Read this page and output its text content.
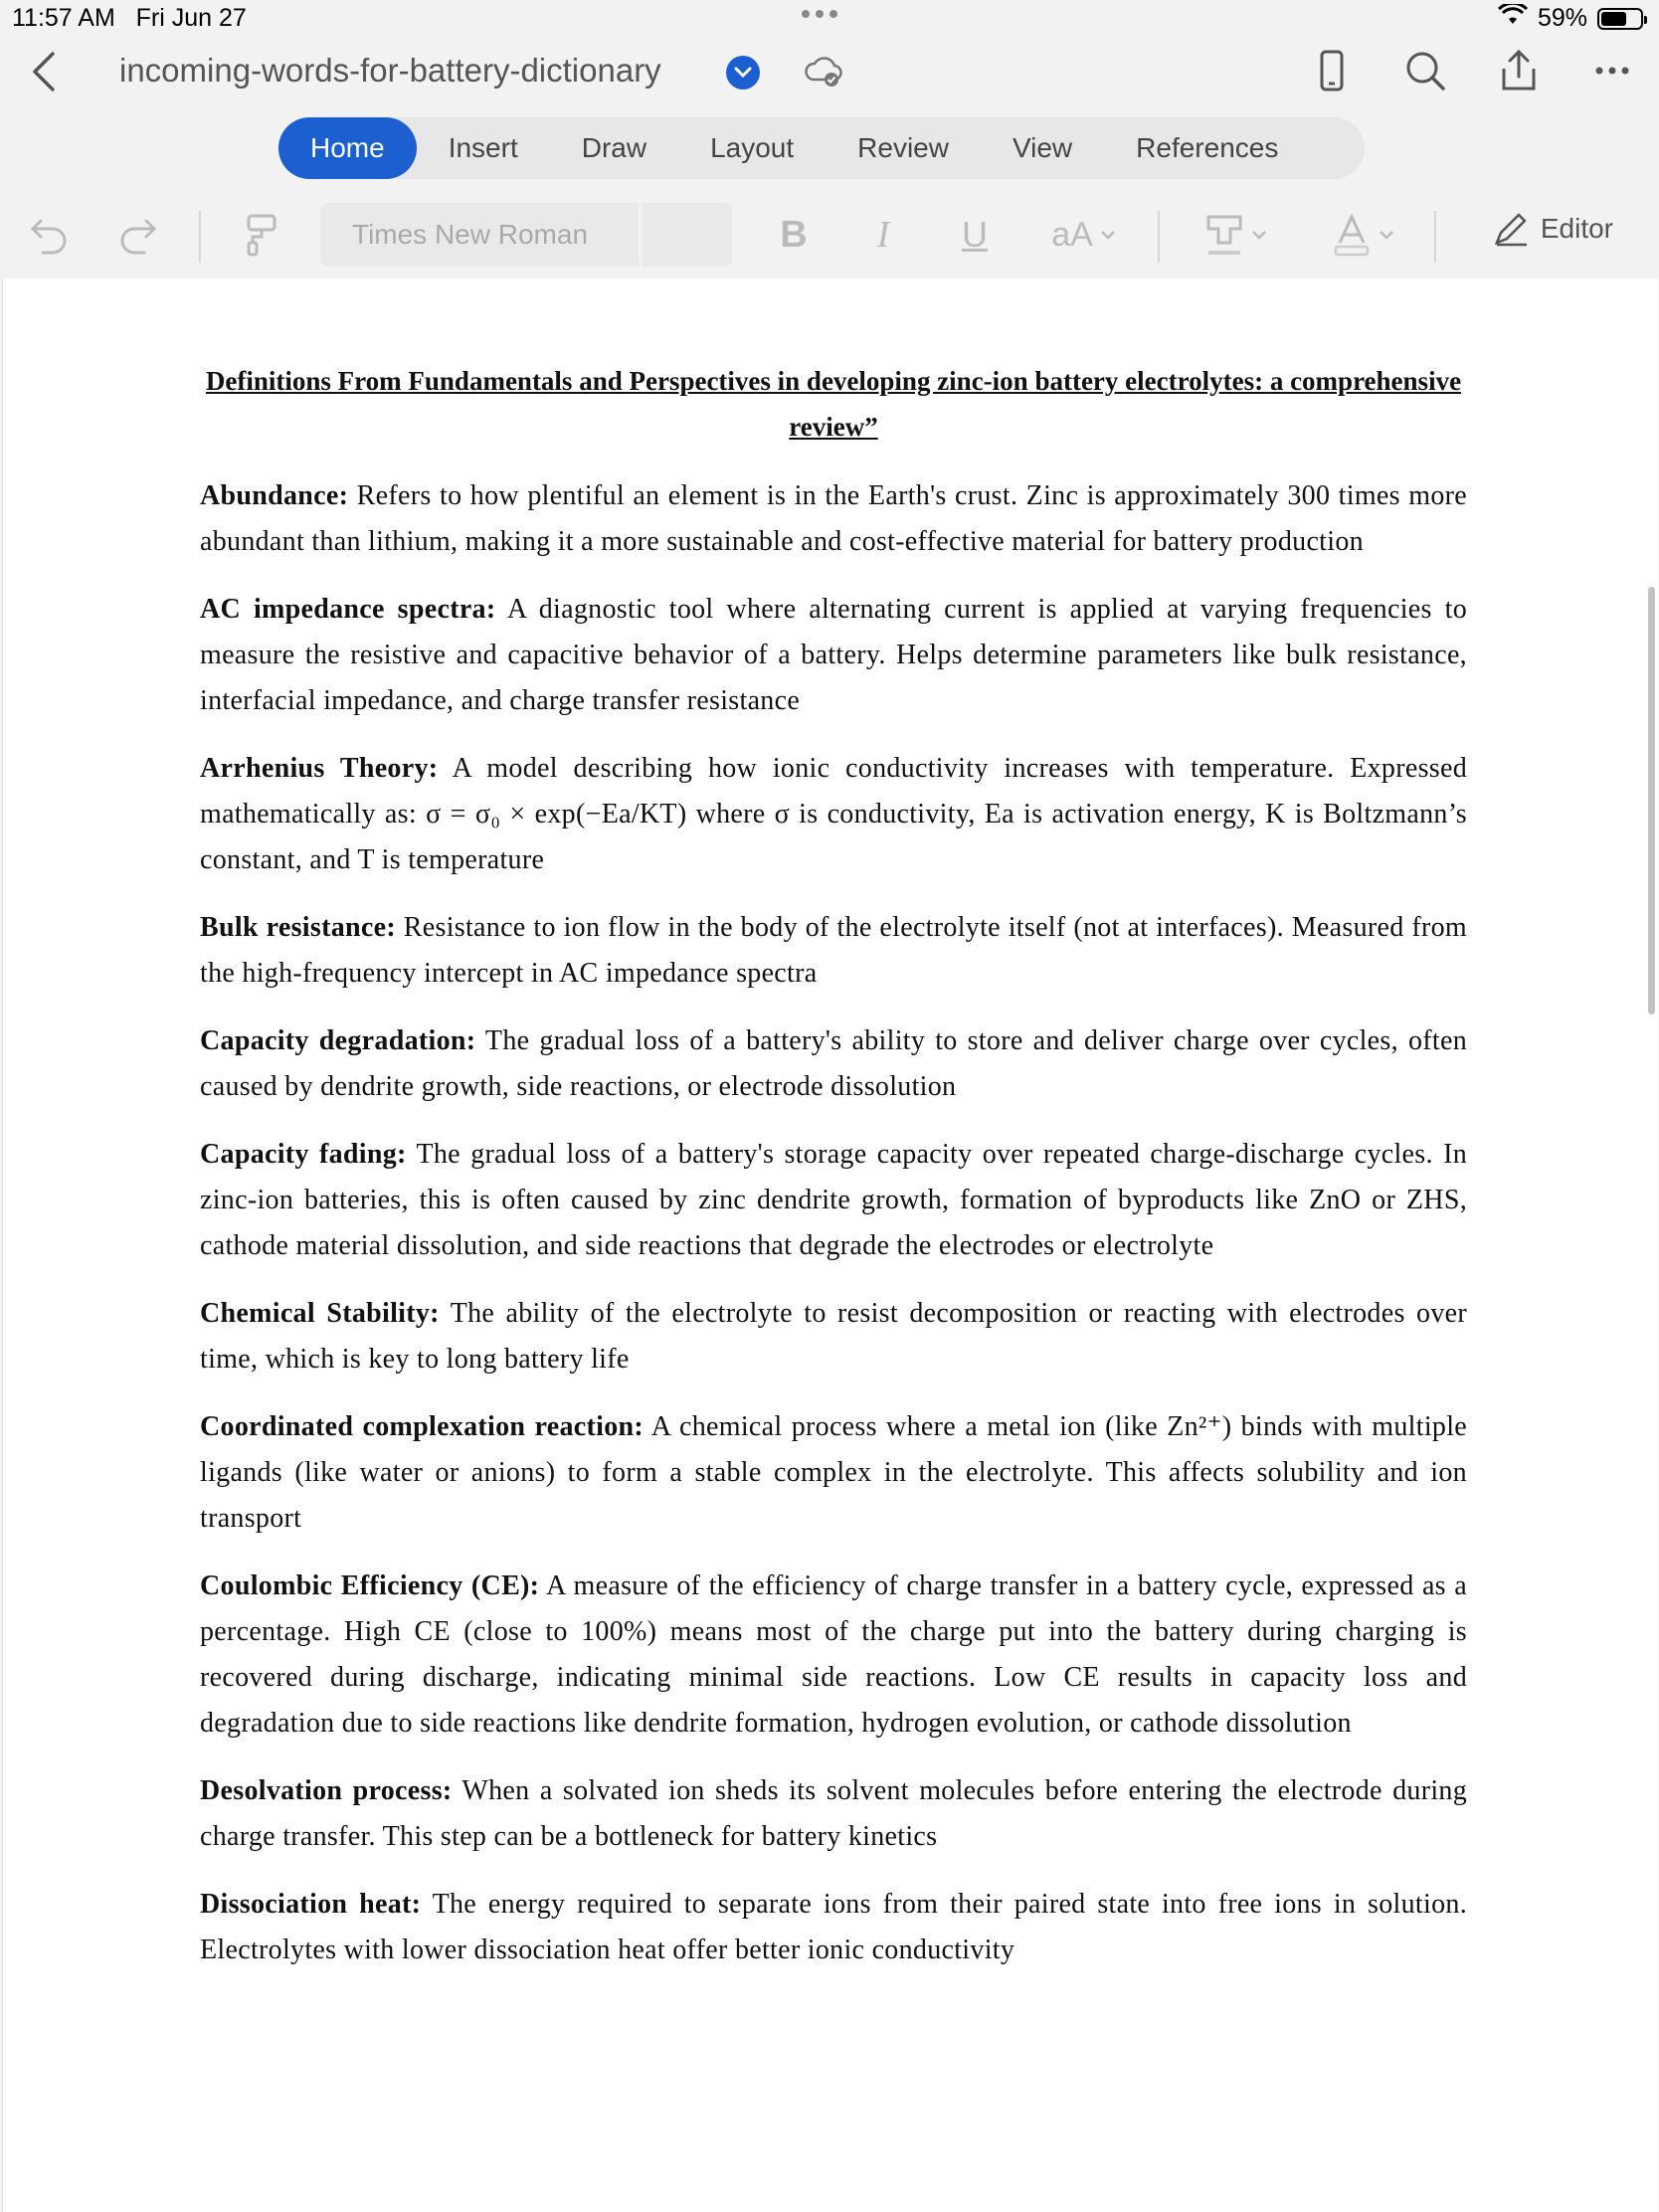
11:57 AM Fri Jun 27	59%
incoming-words-for-battery-dictionary
Home	Insert	Draw	Layout	Review	View	References
Times New Roman	B	I	U aA	Editor
Definitions From Fundamentals and Perspectives in developing zinc-ion battery electrolytes: a comprehensive review”

Abundance: Refers to how plentiful an element is in the Earth's crust. Zinc is approximately 300 times more abundant than lithium, making it a more sustainable and cost-effective material for battery production

AC impedance spectra: A diagnostic tool where alternating current is applied at varying frequencies to measure the resistive and capacitive behavior of a battery. Helps determine parameters like bulk resistance, interfacial impedance, and charge transfer resistance

Arrhenius Theory: A model describing how ionic conductivity increases with temperature. Expressed mathematically as: σ = σ₀ × exp(−Ea/KT) where σ is conductivity, Ea is activation energy, K is Boltzmann’s constant, and T is temperature

Bulk resistance: Resistance to ion flow in the body of the electrolyte itself (not at interfaces). Measured from the high-frequency intercept in AC impedance spectra

Capacity degradation: The gradual loss of a battery's ability to store and deliver charge over cycles, often caused by dendrite growth, side reactions, or electrode dissolution

Capacity fading: The gradual loss of a battery's storage capacity over repeated charge-discharge cycles. In zinc-ion batteries, this is often caused by zinc dendrite growth, formation of byproducts like ZnO or ZHS, cathode material dissolution, and side reactions that degrade the electrodes or electrolyte

Chemical Stability: The ability of the electrolyte to resist decomposition or reacting with electrodes over time, which is key to long battery life

Coordinated complexation reaction: A chemical process where a metal ion (like Zn²⁺) binds with multiple ligands (like water or anions) to form a stable complex in the electrolyte. This affects solubility and ion transport

Coulombic Efficiency (CE): A measure of the efficiency of charge transfer in a battery cycle, expressed as a percentage. High CE (close to 100%) means most of the charge put into the battery during charging is recovered during discharge, indicating minimal side reactions. Low CE results in capacity loss and degradation due to side reactions like dendrite formation, hydrogen evolution, or cathode dissolution

Desolvation process: When a solvated ion sheds its solvent molecules before entering the electrode during charge transfer. This step can be a bottleneck for battery kinetics

Dissociation heat: The energy required to separate ions from their paired state into free ions in solution. Electrolytes with lower dissociation heat offer better ionic conductivity
